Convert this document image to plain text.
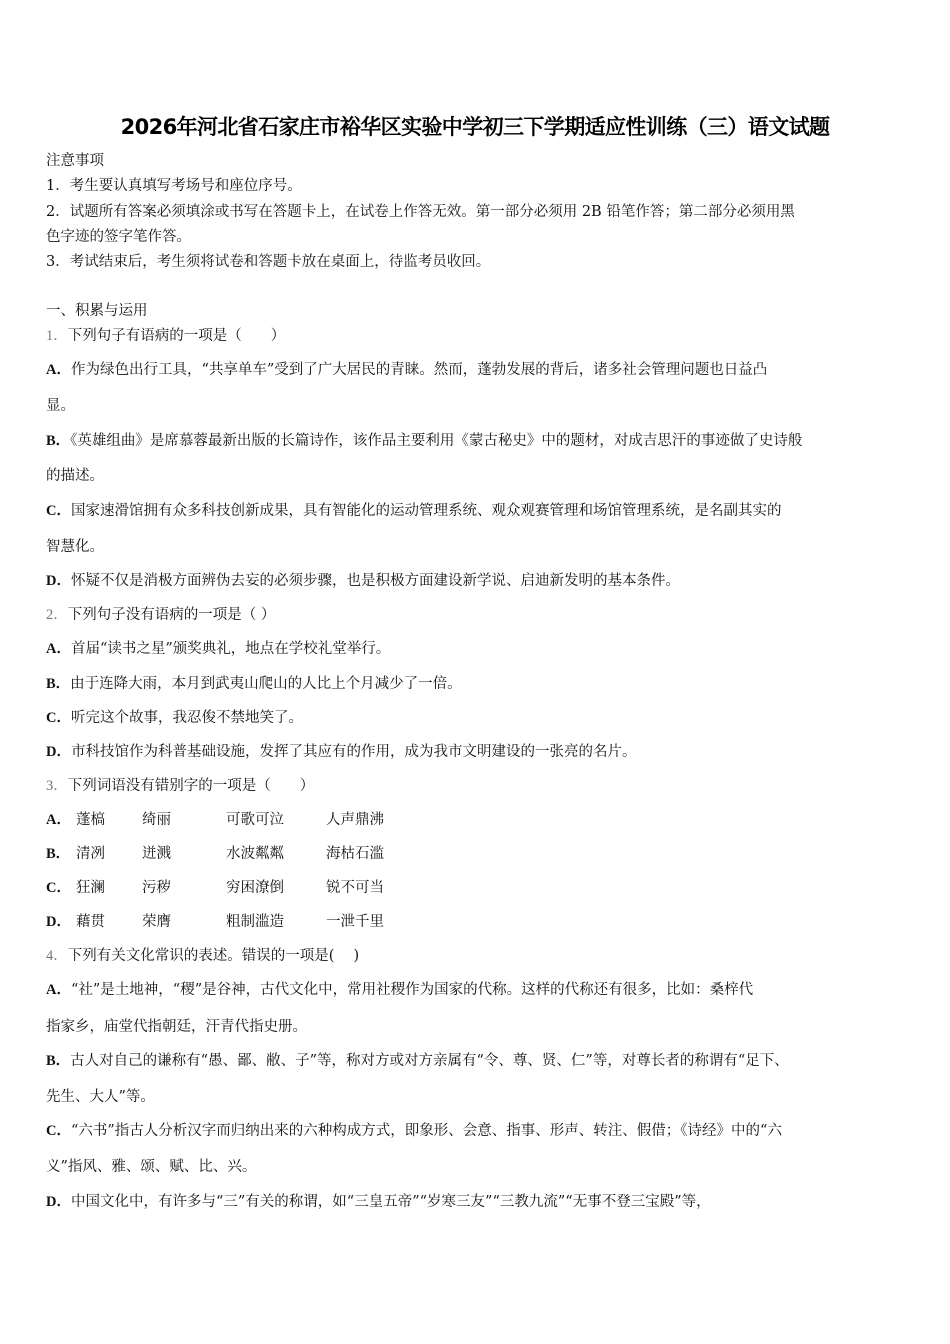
2026年河北省石家庄市裕华区实验中学初三下学期适应性训练（三）语文试题
注意事项
1．考生要认真填写考场号和座位序号。
2．试题所有答案必须填涂或书写在答题卡上，在试卷上作答无效。第一部分必须用 2B 铅笔作答；第二部分必须用黑
色字迹的签字笔作答。
3．考试结束后，考生须将试卷和答题卡放在桌面上，待监考员收回。
一、积累与运用
1．下列句子有语病的一项是（　　）
A．作为绿色出行工具，“共享单车”受到了广大居民的青睐。然而，蓬勃发展的背后，诸多社会管理问题也日益凸
显。
B．《英雄组曲》是席慕蓉最新出版的长篇诗作，该作品主要利用《蒙古秘史》中的题材，对成吉思汗的事迹做了史诗般
的描述。
C．国家速滑馆拥有众多科技创新成果，具有智能化的运动管理系统、观众观赛管理和场馆管理系统，是名副其实的
智慧化。
D．怀疑不仅是消极方面辨伪去妄的必须步骤，也是积极方面建设新学说、启迪新发明的基本条件。
2．下列句子没有语病的一项是（ ）
A．首届“读书之星”颁奖典礼，地点在学校礼堂举行。
B．由于连降大雨，本月到武夷山爬山的人比上个月减少了一倍。
C．听完这个故事，我忍俊不禁地笑了。
D．市科技馆作为科普基础设施，发挥了其应有的作用，成为我市文明建设的一张亮的名片。
3．下列词语没有错别字的一项是（　　）
A． 蓬槁	绮丽	可歌可泣	人声鼎沸
B． 清冽	迸溅	水波粼粼	海枯石滥
C． 狂澜	污秽	穷困潦倒	锐不可当
D． 藉贯	荣膺	粗制滥造	一泄千里
4．下列有关文化常识的表述。错误的一项是(　 )
A．“社”是土地神，“稷”是谷神，古代文化中，常用社稷作为国家的代称。这样的代称还有很多，比如：桑梓代
指家乡，庙堂代指朝廷，汗青代指史册。
B．古人对自己的谦称有“愚、鄙、敝、子”等，称对方或对方亲属有“令、尊、贤、仁”等，对尊长者的称谓有“足下、
先生、大人”等。
C．“六书”指古人分析汉字而归纳出来的六种构成方式，即象形、会意、指事、形声、转注、假借；《诗经》中的“六
义”指风、雅、颂、赋、比、兴。
D．中国文化中，有许多与“三”有关的称谓，如“三皇五帝”“岁寒三友”“三教九流”“无事不登三宝殿”等，
